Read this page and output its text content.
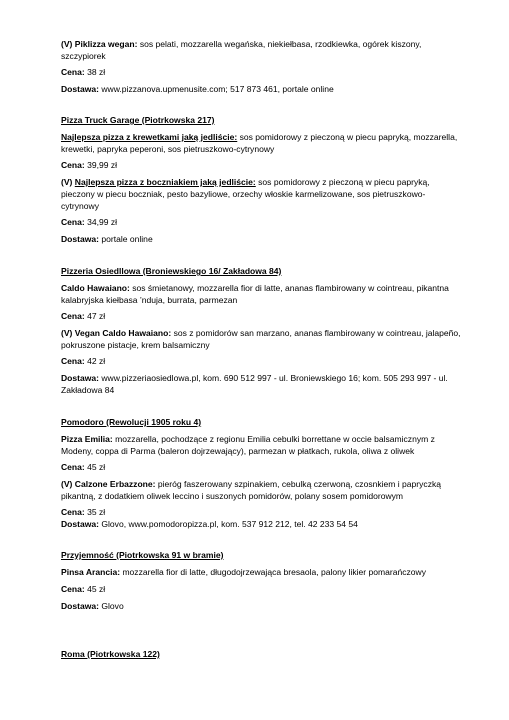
(V) Piklizza wegan: sos pelati, mozzarella wegańska, niekiełbasa, rzodkiewka, ogórek kiszony, szczypiorek

Cena: 38 zł

Dostawa: www.pizzanova.upmenusite.com; 517 873 461, portale online

Pizza Truck Garage (Piotrkowska 217)

Najlepsza pizza z krewetkami jaką jedliście: sos pomidorowy z pieczoną w piecu papryką, mozzarella, krewetki, papryka peperoni, sos pietruszkowo-cytrynowy

Cena: 39,99 zł

(V) Najlepsza pizza z boczniakiem jaką jedliście: sos pomidorowy z pieczoną w piecu papryką, pieczony w piecu boczniak, pesto bazyliowe, orzechy włoskie karmelizowane, sos pietruszkowo-cytrynowy

Cena: 34,99 zł

Dostawa: portale online

Pizzeria Osiedllowa (Broniewskiego 16/ Zakładowa 84)

Caldo Hawaiano: sos śmietanowy, mozzarella fior di latte, ananas flambirowany w cointreau, pikantna kalabryjska kiełbasa ’nduja, burrata, parmezan

Cena: 47 zł

(V) Vegan Caldo Hawaiano: sos z pomidorów san marzano, ananas flambirowany w cointreau, jalapeño, pokruszone pistacje, krem balsamiczny

Cena: 42 zł

Dostawa: www.pizzeriaosiedlowa.pl, kom. 690 512 997 - ul. Broniewskiego 16; kom. 505 293 997 - ul. Zakładowa 84

Pomodoro (Rewolucji 1905 roku 4)

Pizza Emilia: mozzarella, pochodzące z regionu Emilia cebulki borrettane w occie balsamicznym z Modeny, coppa di Parma (baleron dojrzewający), parmezan w płatkach, rukola, oliwa z oliwek

Cena: 45 zł

(V) Calzone Erbazzone: pieróg faszerowany szpinakiem, cebulką czerwoną, czosnkiem i papryczką pikantną, z dodatkiem oliwek leccino i suszonych pomidorów, polany sosem pomidorowym

Cena: 35 zł

Dostawa: Glovo, www.pomodoropizza.pl, kom. 537 912 212, tel. 42 233 54 54

Przyjemność (Piotrkowska 91 w bramie)

Pinsa Arancia: mozzarella fior di latte, długodojrzewająca bresaola, palony likier pomarańczowy

Cena: 45 zł

Dostawa: Glovo

Roma (Piotrkowska 122)
